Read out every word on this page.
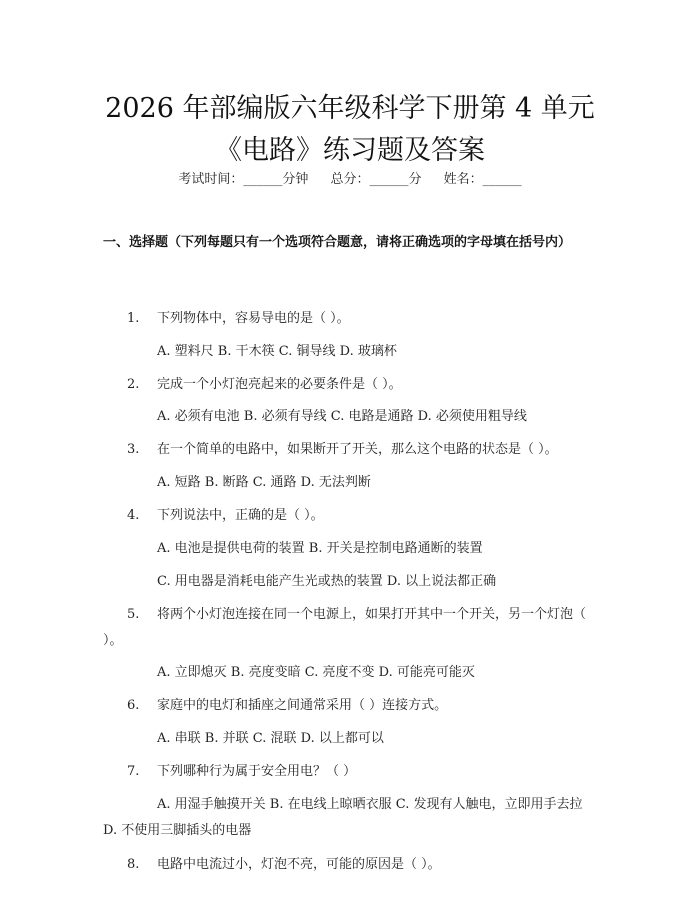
2026 年部编版六年级科学下册第 4 单元《电路》练习题及答案
考试时间：______分钟 总分：______分 姓名：______
一、选择题（下列每题只有一个选项符合题意，请将正确选项的字母填在括号内）
1.	下列物体中，容易导电的是（ ）。
A. 塑料尺 B. 干木筷 C. 铜导线 D. 玻璃杯
2.	完成一个小灯泡亮起来的必要条件是（ ）。
A. 必须有电池 B. 必须有导线 C. 电路是通路 D. 必须使用粗导线
3.	在一个简单的电路中，如果断开了开关，那么这个电路的状态是（ ）。
A. 短路 B. 断路 C. 通路 D. 无法判断
4.	下列说法中，正确的是（ ）。
A. 电池是提供电荷的装置 B. 开关是控制电路通断的装置
C. 用电器是消耗电能产生光或热的装置 D. 以上说法都正确
5.	将两个小灯泡连接在同一个电源上，如果打开其中一个开关，另一个灯泡（ ）。
A. 立即熄灭 B. 亮度变暗 C. 亮度不变 D. 可能亮可能灭
6.	家庭中的电灯和插座之间通常采用（ ）连接方式。
A. 串联 B. 并联 C. 混联 D. 以上都可以
7.	下列哪种行为属于安全用电？（ ）
A. 用湿手触摸开关 B. 在电线上晾晒衣服 C. 发现有人触电，立即用手去拉 D. 不使用三脚插头的电器
8.	电路中电流过小，灯泡不亮，可能的原因是（ ）。
